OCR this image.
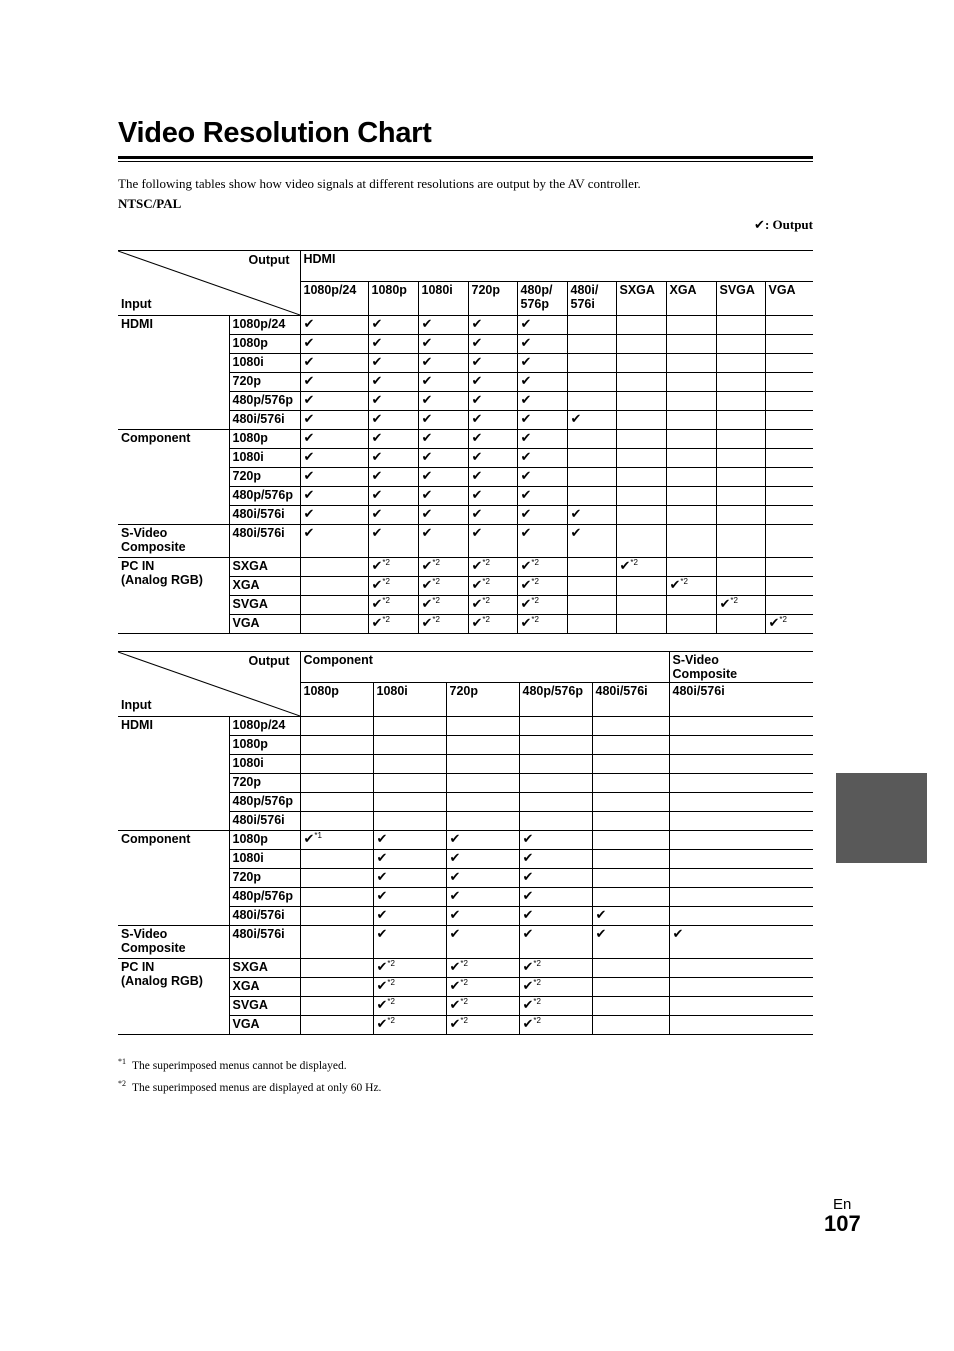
Video Resolution Chart
The following tables show how video signals at different resolutions are output by the AV controller.
NTSC/PAL
✔: Output
Output
Input		HDMI									
		1080p/24	1080p	1080i	720p	480p/
576p	480i/
576i	SXGA	XGA	SVGA	VGA
HDMI	1080p/24	✔	✔	✔	✔	✔					
	1080p	✔	✔	✔	✔	✔					
	1080i	✔	✔	✔	✔	✔					
	720p	✔	✔	✔	✔	✔					
	480p/576p	✔	✔	✔	✔	✔					
	480i/576i	✔	✔	✔	✔	✔	✔				
Component	1080p	✔	✔	✔	✔	✔					
	1080i	✔	✔	✔	✔	✔					
	720p	✔	✔	✔	✔	✔					
	480p/576p	✔	✔	✔	✔	✔					
	480i/576i	✔	✔	✔	✔	✔	✔				
S-Video
Composite	480i/576i	✔	✔	✔	✔	✔	✔				
PC IN
(Analog RGB)	SXGA		✔$^{*2}$	✔$^{*2}$	✔$^{*2}$	✔$^{*2}$		✔$^{*2}$			
	XGA		✔$^{*2}$	✔$^{*2}$	✔$^{*2}$	✔$^{*2}$			✔$^{*2}$		
	SVGA		✔$^{*2}$	✔$^{*2}$	✔$^{*2}$	✔$^{*2}$				✔$^{*2}$	
	VGA		✔$^{*2}$	✔$^{*2}$	✔$^{*2}$	✔$^{*2}$					✔$^{*2}$
Output
Input		Component					S-Video
Composite
		1080p	1080i	720p	480p/576p	480i/576i	480i/576i
HDMI	1080p/24						
	1080p						
	1080i						
	720p						
	480p/576p						
	480i/576i						
Component	1080p	✔$^{*1}$	✔	✔	✔		
	1080i		✔	✔	✔		
	720p		✔	✔	✔		
	480p/576p		✔	✔	✔		
	480i/576i		✔	✔	✔	✔	
S-Video
Composite	480i/576i		✔	✔	✔	✔	✔
PC IN
(Analog RGB)	SXGA		✔$^{*2}$	✔$^{*2}$	✔$^{*2}$		
	XGA		✔$^{*2}$	✔$^{*2}$	✔$^{*2}$		
	SVGA		✔$^{*2}$	✔$^{*2}$	✔$^{*2}$		
	VGA		✔$^{*2}$	✔$^{*2}$	✔$^{*2}$		
$^{*1}$ The superimposed menus cannot be displayed.
$^{*2}$ The superimposed menus are displayed at only 60 Hz.
En
107
